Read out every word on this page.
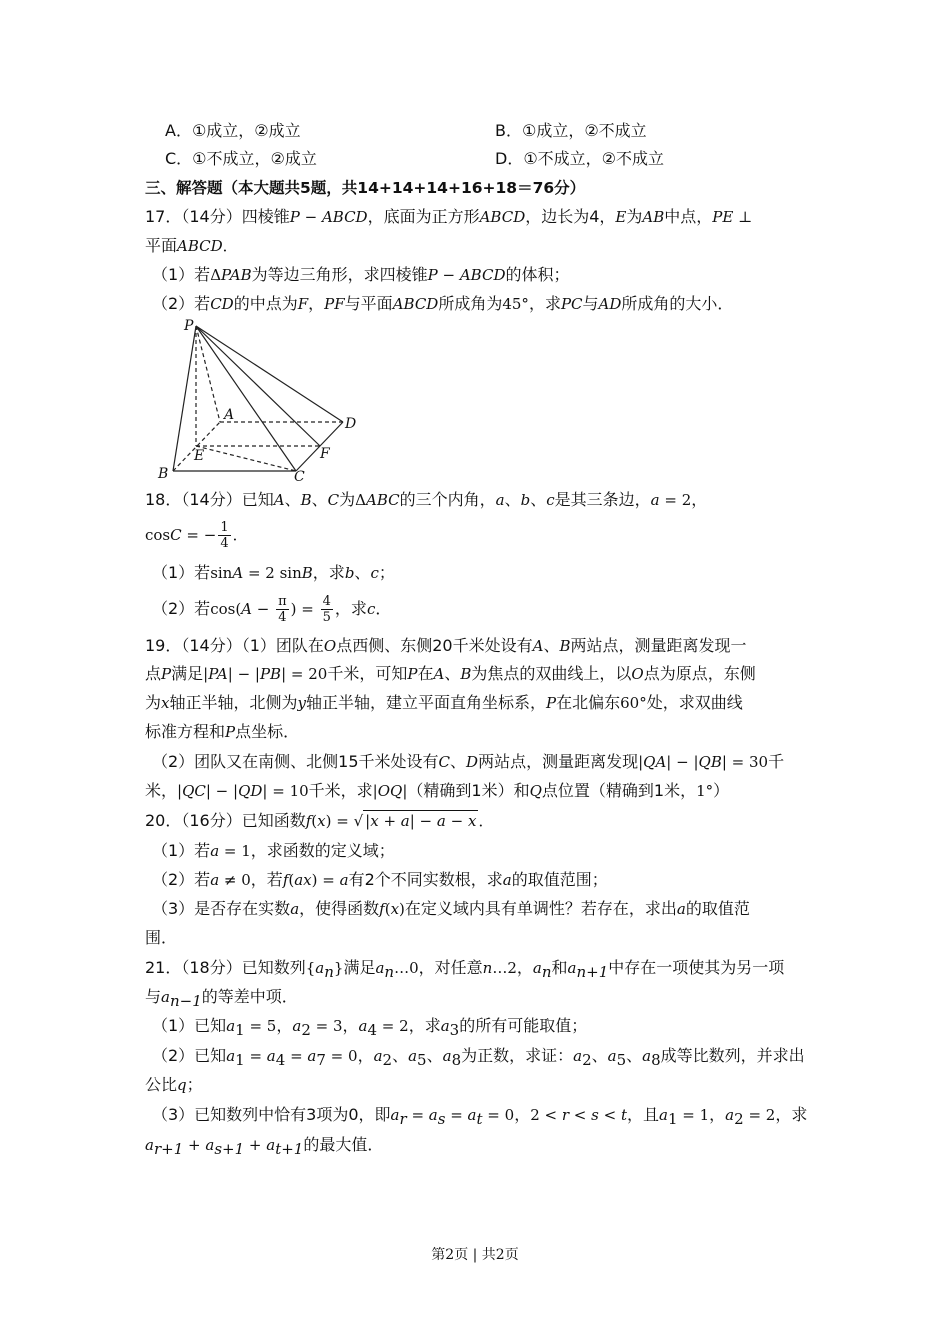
A．①成立，②成立	B．①成立，②不成立
C．①不成立，②成立	D．①不成立，②不成立
三、解答题（本大题共5题，共14+14+14+16+18＝76分）
17．（14分）四棱锥P − ABCD，底面为正方形ABCD，边长为4，E为AB中点，PE ⊥
平面ABCD．
（1）若ΔPAB为等边三角形，求四棱锥P − ABCD的体积；
（2）若CD的中点为F，PF与平面ABCD所成角为45°，求PC与AD所成角的大小．
P
A
B	C
D
E	F
18．（14分）已知A、B、C为ΔABC的三个内角，a、b、c是其三条边，a = 2，
cosC = − $\frac{1}{4}$ ．
（1）若sinA = 2 sinB，求b、c；
（2）若$\cos(A - \frac{\pi}{4}$ ) = $\frac{4}{5}$ ，求c．
19．（14分）（1）团队在O点西侧、东侧20千米处设有A、B两站点，测量距离发现一
点P满足|PA| − |PB| = 20千米，可知P在A、B为焦点的双曲线上，以O点为原点，东侧
为x轴正半轴，北侧为y轴正半轴，建立平面直角坐标系，P在北偏东60°处，求双曲线
标准方程和P点坐标．
（2）团队又在南侧、北侧15千米处设有C、D两站点，测量距离发现|QA| − |QB| = 30千
米，|QC| − |QD| = 10千米，求|OQ|（精确到1米）和Q点位置（精确到1米，1°）
20．（16分）已知函数f(x) = √ |x + a| − a − x ．
（1）若a = 1，求函数的定义域；
（2）若a ≠ 0，若f(ax) = a有2个不同实数根，求a的取值范围；
（3）是否存在实数a，使得函数f(x)在定义域内具有单调性？若存在，求出a的取值范
围．
21．（18分）已知数列$\{a_n\}$满足$a_n\dots 0$，对任意n…2，$a_n$和$a_{n+1}$中存在一项使其为另一项
与$a_{n-1}$的等差中项．
（1）已知$a_1 = 5$，$a_2 = 3$，$a_4 = 2$，求$a_3$的所有可能取值；
（2）已知$a_1 = a_4 = a_7 = 0$，$a_2$、$a_5$、$a_8$为正数，求证：$a_2$、$a_5$、$a_8$成等比数列，并求出
公比q；
（3）已知数列中恰有3项为0，即$a_r = a_s = a_t = 0$，2 < r < s < t，且$a_1 = 1$，$a_2 = 2$，求
$a_{r+1} + a_{s+1} + a_{t+1}$的最大值．
第2页 | 共2页
